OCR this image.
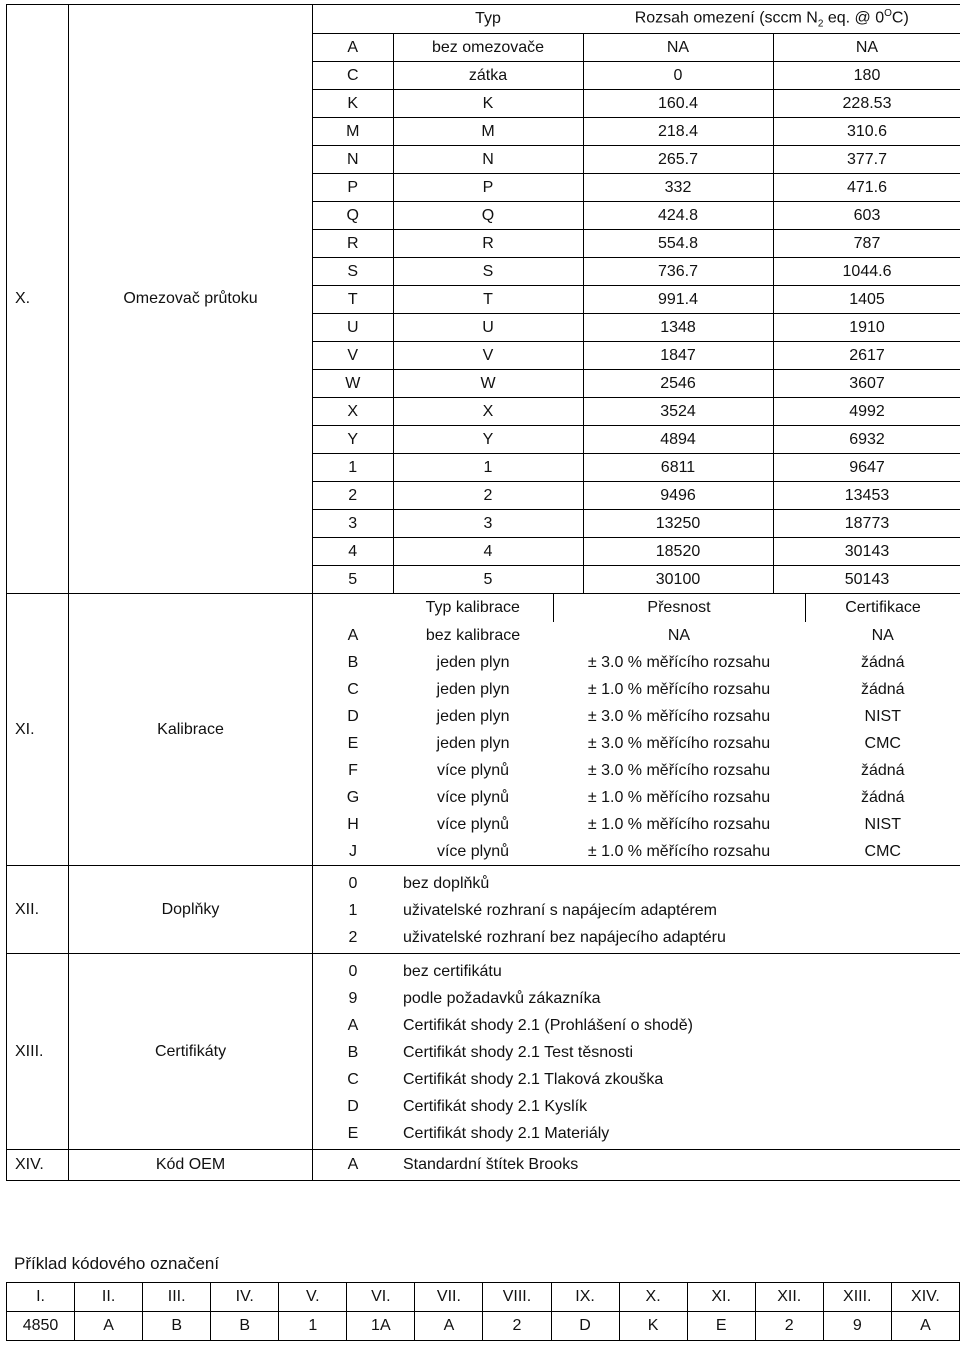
X.	Omezovač průtoku	
	Typ	Rozsah omezení (sccm $N_2$ eq. @ $0^OC$)
A	bez omezovače	NA	NA
C	zátka	0	180
K	K	160.4	228.53
M	M	218.4	310.6
N	N	265.7	377.7
P	P	332	471.6
Q	Q	424.8	603
R	R	554.8	787
S	S	736.7	1044.6
T	T	991.4	1405
U	U	1348	1910
V	V	1847	2617
W	W	2546	3607
X	X	3524	4992
Y	Y	4894	6932
1	1	6811	9647
2	2	9496	13453
3	3	13250	18773
4	4	18520	30143
5	5	30100	50143

XI.	Kalibrace	
	Typ kalibrace	Přesnost	Certifikace
A	bez kalibrace	NA	NA
B	jeden plyn	± 3.0 % měřícího rozsahu	žádná
C	jeden plyn	± 1.0 % měřícího rozsahu	žádná
D	jeden plyn	± 3.0 % měřícího rozsahu	NIST
E	jeden plyn	± 3.0 % měřícího rozsahu	CMC
F	více plynů	± 3.0 % měřícího rozsahu	žádná
G	více plynů	± 1.0 % měřícího rozsahu	žádná
H	více plynů	± 1.0 % měřícího rozsahu	NIST
J	více plynů	± 1.0 % měřícího rozsahu	CMC

XII.	Doplňky	
0	bez doplňků
1	uživatelské rozhraní s napájecím adaptérem
2	uživatelské rozhraní bez napájecího adaptéru

XIII.	Certifikáty	
0	bez certifikátu
9	podle požadavků zákazníka
A	Certifikát shody 2.1 (Prohlášení o shodě)
B	Certifikát shody 2.1 Test těsnosti
C	Certifikát shody 2.1 Tlaková zkouška
D	Certifikát shody 2.1 Kyslík
E	Certifikát shody 2.1 Materiály

XIV.	Kód OEM		A	Standardní štítek Brooks
Příklad kódového označení
I.	II.	III.	IV.	V.	VI.	VII.	VIII.	IX.	X.	XI.	XII.	XIII.	XIV.
4850	A	B	B	1	1A	A	2	D	K	E	2	9	A
